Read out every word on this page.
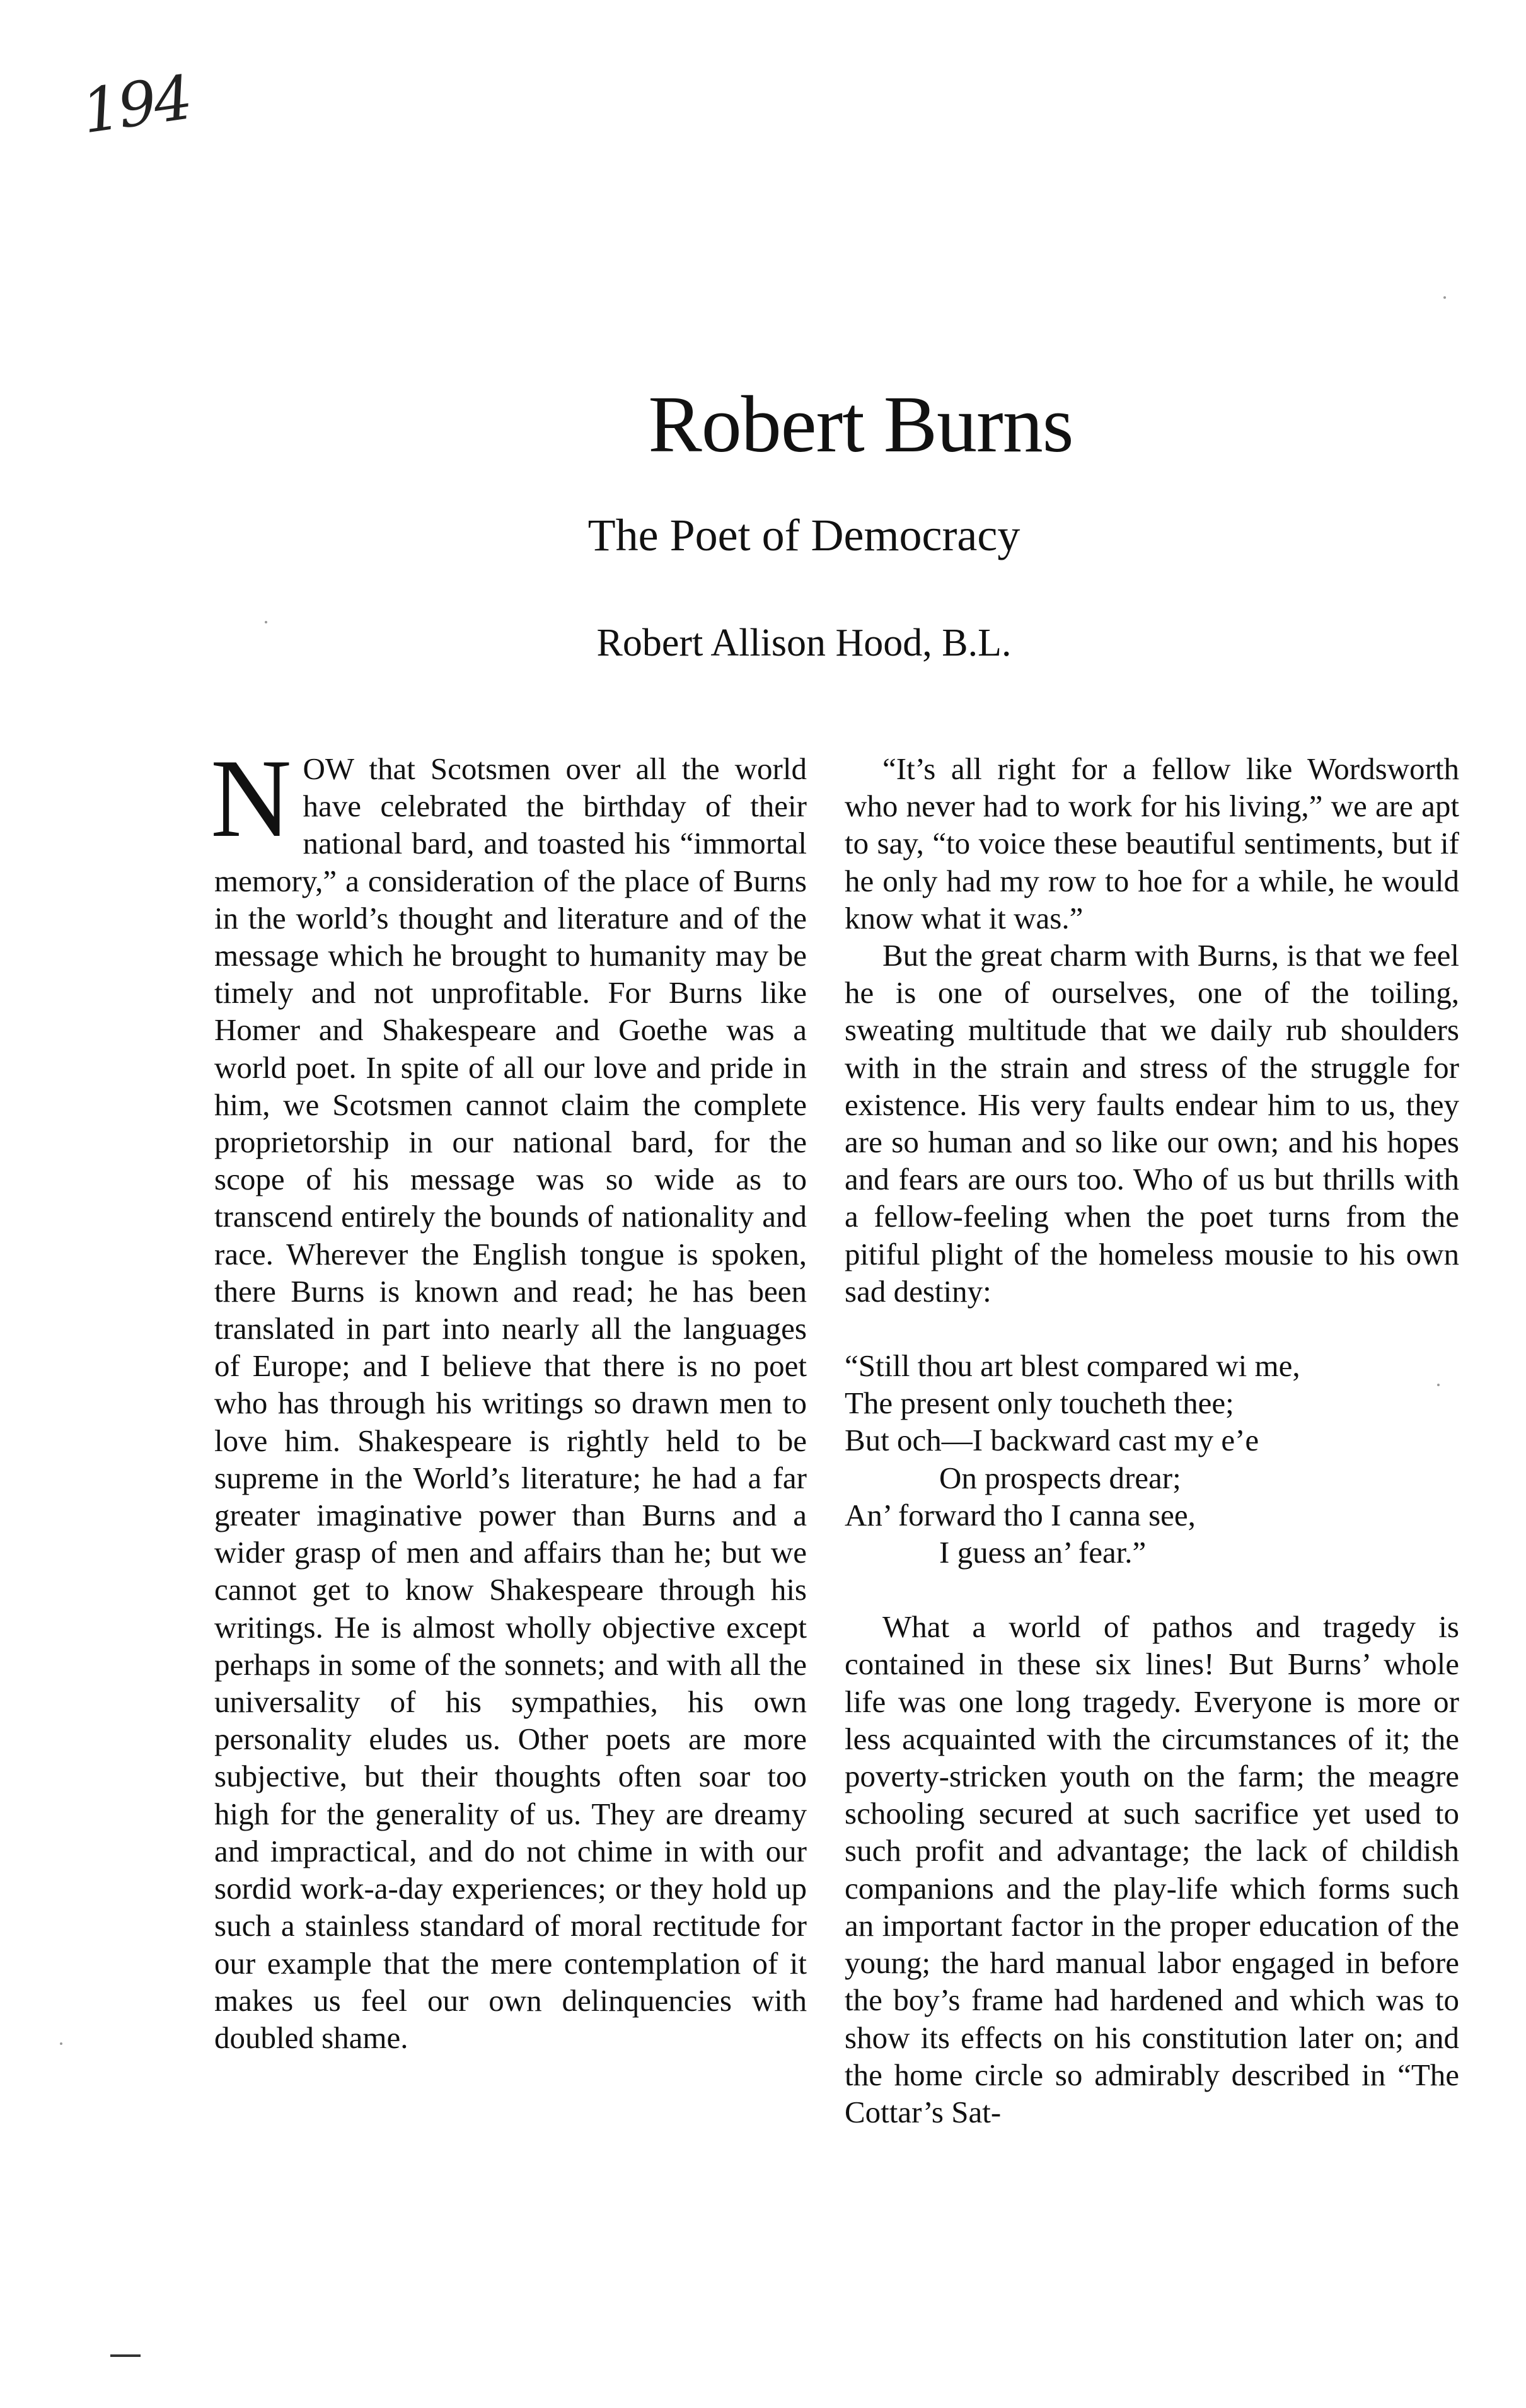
194
Robert Burns
The Poet of Democracy
Robert Allison Hood, B.L.

NOW that Scotsmen over all the world have celebrated the birthday of their national bard, and toasted his “immortal memory,” a consideration of the place of Burns in the world’s thought and literature and of the message which he brought to humanity may be timely and not unprofitable. For Burns like Homer and Shakespeare and Goethe was a world poet. In spite of all our love and pride in him, we Scotsmen cannot claim the complete proprietorship in our national bard, for the scope of his message was so wide as to transcend entirely the bounds of nationality and race. Wherever the English tongue is spoken, there Burns is known and read; he has been translated in part into nearly all the languages of Europe; and I believe that there is no poet who has through his writings so drawn men to love him. Shakespeare is rightly held to be supreme in the World’s literature; he had a far greater imaginative power than Burns and a wider grasp of men and affairs than he; but we cannot get to know Shakespeare through his writings. He is almost wholly objective except perhaps in some of the sonnets; and with all the universality of his sympathies, his own personality eludes us. Other poets are more subjective, but their thoughts often soar too high for the generality of us. They are dreamy and impractical, and do not chime in with our sordid work-a-day experiences; or they hold up such a stainless standard of moral rectitude for our example that the mere contemplation of it makes us feel our own delinquencies with doubled shame.

“It’s all right for a fellow like Wordsworth who never had to work for his living,” we are apt to say, “to voice these beautiful sentiments, but if he only had my row to hoe for a while, he would know what it was.”

But the great charm with Burns, is that we feel he is one of ourselves, one of the toiling, sweating multitude that we daily rub shoulders with in the strain and stress of the struggle for existence. His very faults endear him to us, they are so human and so like our own; and his hopes and fears are ours too. Who of us but thrills with a fellow-feeling when the poet turns from the pitiful plight of the homeless mousie to his own sad destiny:

“Still thou art blest compared wi me,
The present only toucheth thee;
But och—I backward cast my e’e
On prospects drear;
An’ forward tho I canna see,
I guess an’ fear.”

What a world of pathos and tragedy is contained in these six lines! But Burns’ whole life was one long tragedy. Everyone is more or less acquainted with the circumstances of it; the poverty-stricken youth on the farm; the meagre schooling secured at such sacrifice yet used to such profit and advantage; the lack of childish companions and the play-life which forms such an important factor in the proper education of the young; the hard manual labor engaged in before the boy’s frame had hardened and which was to show its effects on his constitution later on; and the home circle so admirably described in “The Cottar’s Sat-
